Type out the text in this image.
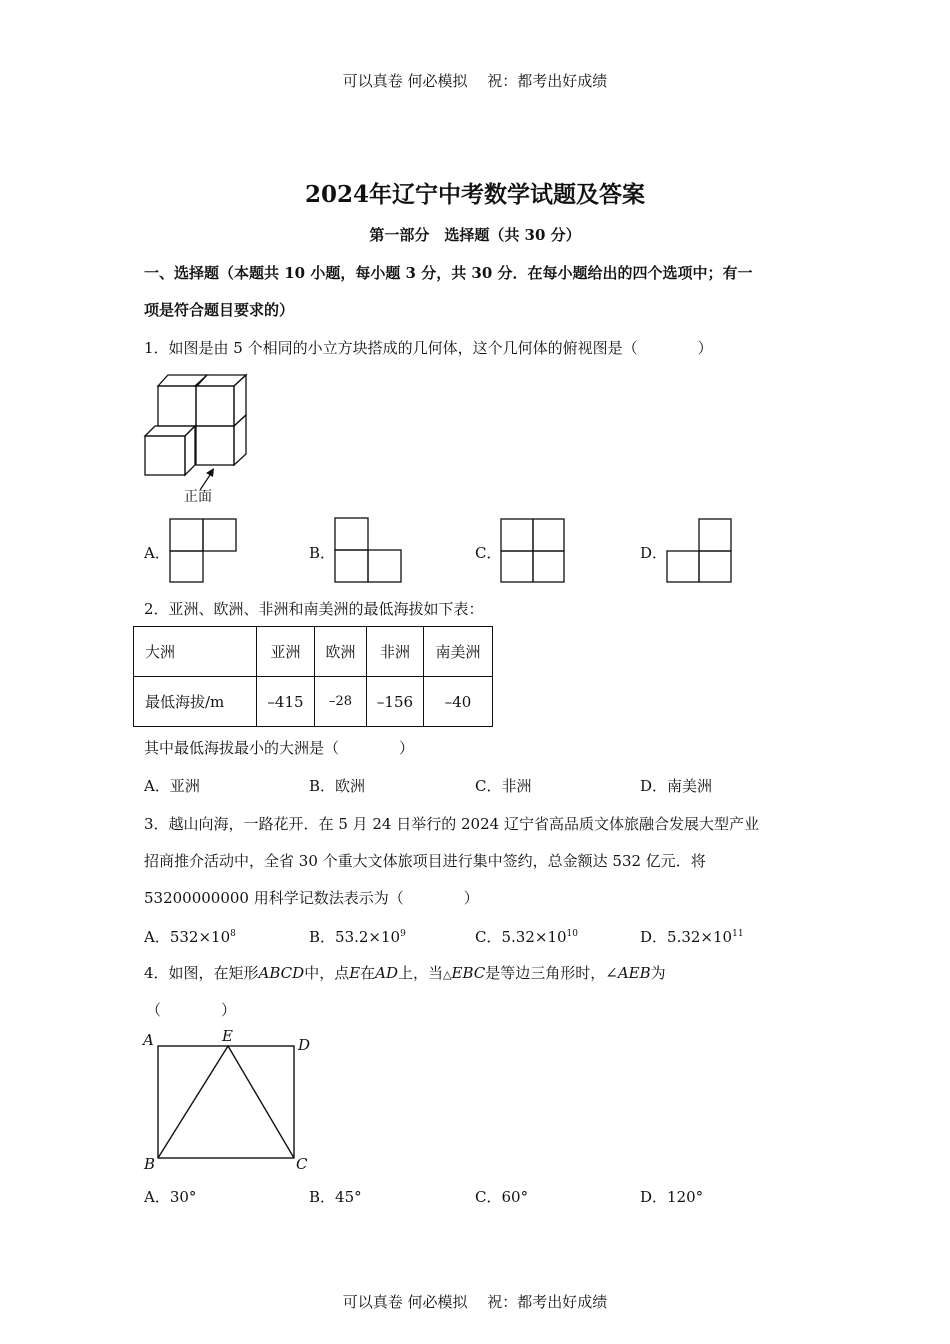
可以真卷 何必模拟　 祝：都考出好成绩
2024年辽宁中考数学试题及答案
第一部分　选择题（共 30 分）
一、选择题（本题共 10 小题，每小题 3 分，共 30 分．在每小题给出的四个选项中；有一
项是符合题目要求的）
1．如图是由 5 个相同的小立方块搭成的几何体，这个几何体的俯视图是（　　　　）
正面
A．	B．	C．	D．
2．亚洲、欧洲、非洲和南美洲的最低海拔如下表：
大洲	亚洲	欧洲	非洲	南美洲
最低海拔/m	–415	–28	–156	–40
其中最低海拔最小的大洲是（　　　　）
A．亚洲	B．欧洲	C．非洲	D．南美洲
3．越山向海，一路花开．在 5 月 24 日举行的 2024 辽宁省高品质文体旅融合发展大型产业
招商推介活动中，全省 30 个重大文体旅项目进行集中签约，总金额达 532 亿元．将
53200000000 用科学记数法表示为（　　　　）
A．$532\times 10^8$	B．$53.2\times 10^9$	C．$5.32\times 10^{10}$	D．$5.32\times 10^{11}$
4．如图，在矩形ABCD中，点E在AD上，当△EBC是等边三角形时，∠AEB为
（　　　　）
A	E	D
B	C
A．30°	B．45°	C．60°	D．120°
可以真卷 何必模拟　 祝：都考出好成绩
